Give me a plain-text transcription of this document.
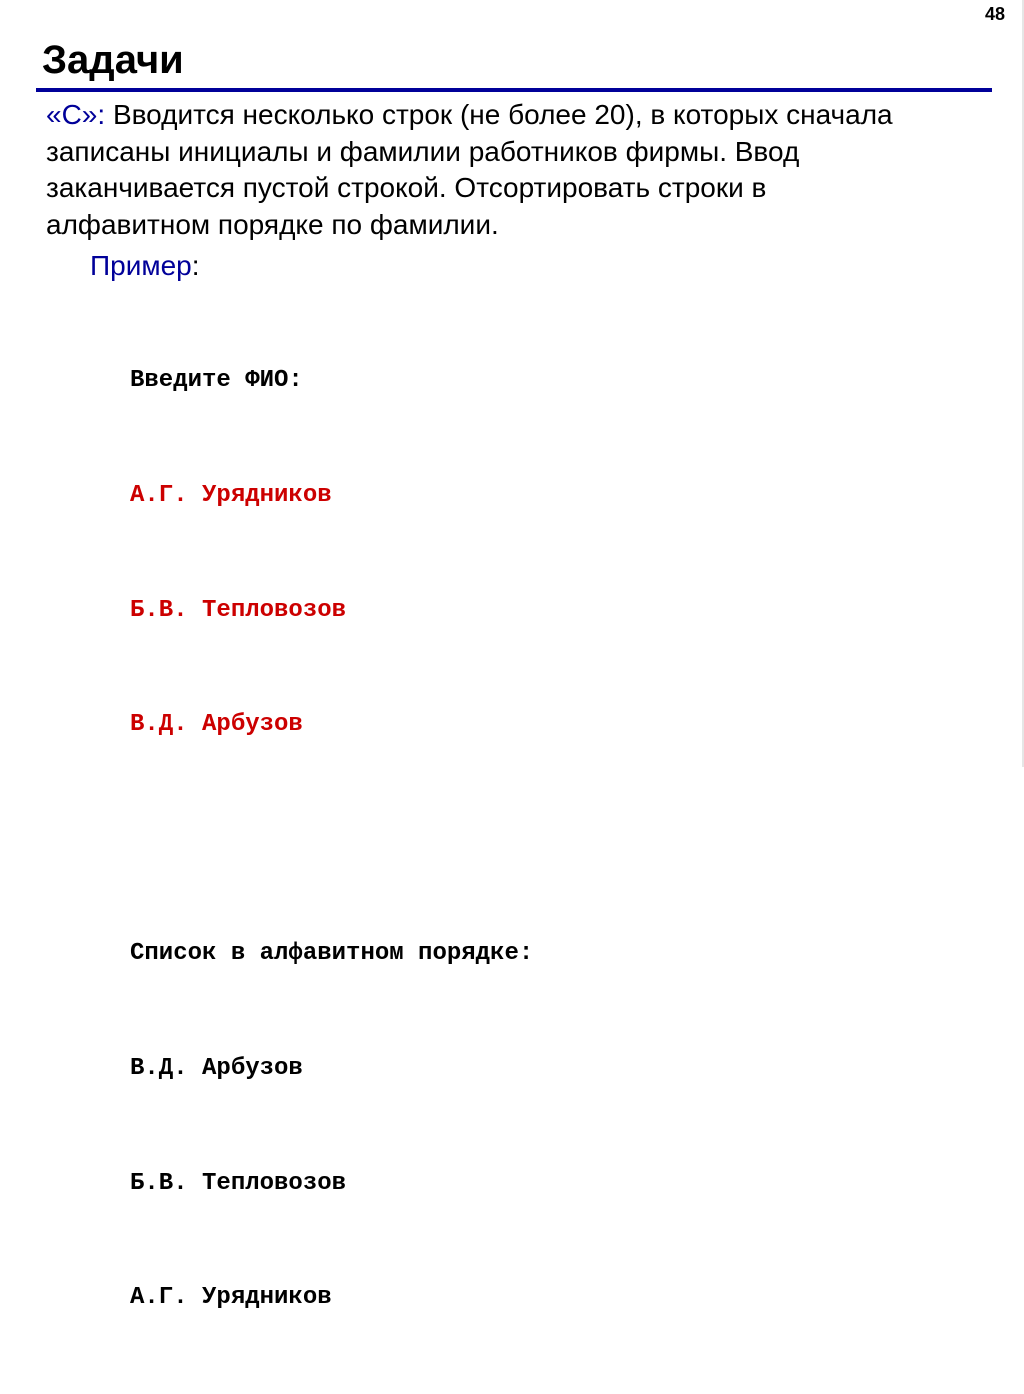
48
Задачи
«С»: Вводится несколько строк (не более 20), в которых сначала
записаны инициалы и фамилии работников фирмы. Ввод
заканчивается пустой строкой. Отсортировать строки в
алфавитном порядке по фамилии.
Пример:

Введите ФИО:

А.Г. Урядников

Б.В. Тепловозов

В.Д. Арбузов

Список в алфавитном порядке:

В.Д. Арбузов

Б.В. Тепловозов

А.Г. Урядников
